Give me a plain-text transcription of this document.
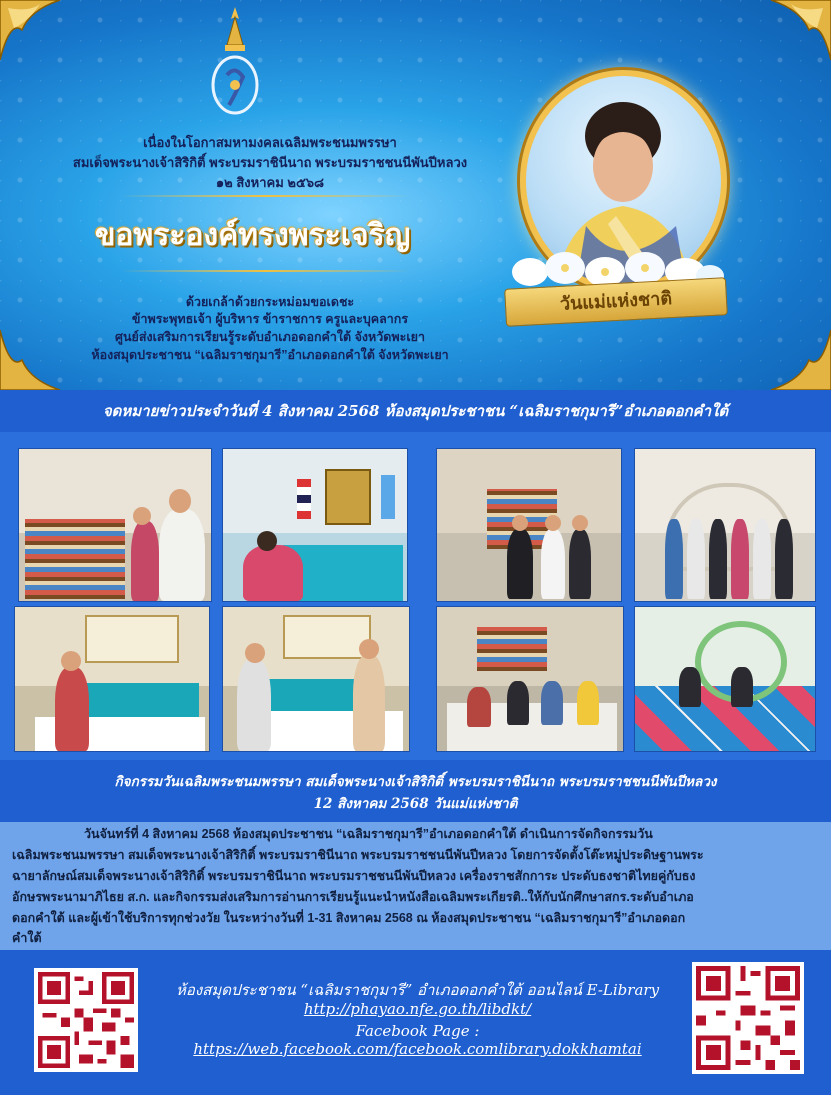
เนื่องในโอกาสมหามงคลเฉลิมพระชนมพรรษา
สมเด็จพระนางเจ้าสิริกิติ์ พระบรมราชินีนาถ พระบรมราชชนนีพันปีหลวง
๑๒ สิงหาคม ๒๕๖๘
ขอพระองค์ทรงพระเจริญ
ด้วยเกล้าด้วยกระหม่อมขอเดชะ
ข้าพระพุทธเจ้า ผู้บริหาร ข้าราชการ ครูและบุคลากร
ศูนย์ส่งเสริมการเรียนรู้ระดับอำเภอดอกคำใต้ จังหวัดพะเยา
ห้องสมุดประชาชน “เฉลิมราชกุมารี”อำเภอดอกคำใต้ จังหวัดพะเยา
วันแม่แห่งชาติ
จดหมายข่าวประจำวันที่ 4 สิงหาคม 2568 ห้องสมุดประชาชน “เฉลิมราชกุมารี”อำเภอดอกคำใต้
กิจกรรมวันเฉลิมพระชนมพรรษา สมเด็จพระนางเจ้าสิริกิติ์ พระบรมราชินีนาถ พระบรมราชชนนีพันปีหลวง
12 สิงหาคม 2568 วันแม่แห่งชาติ

วันจันทร์ที่ 4 สิงหาคม 2568 ห้องสมุดประชาชน “เฉลิมราชกุมารี”อำเภอดอกคำใต้ ดำเนินการจัดกิจกรรมวัน

เฉลิมพระชนมพรรษา สมเด็จพระนางเจ้าสิริกิติ์ พระบรมราชินีนาถ พระบรมราชชนนีพันปีหลวง โดยการจัดตั้งโต๊ะหมู่ประดิษฐานพระ

ฉายาลักษณ์สมเด็จพระนางเจ้าสิริกิติ์ พระบรมราชินีนาถ พระบรมราชชนนีพันปีหลวง เครื่องราชสักการะ ประดับธงชาติไทยคู่กับธง

อักษรพระนามาภิไธย ส.ก. และกิจกรรมส่งเสริมการอ่านการเรียนรู้แนะนำหนังสือเฉลิมพระเกียรติ..ให้กับนักศึกษาสกร.ระดับอำเภอ

ดอกคำใต้ และผู้เข้าใช้บริการทุกช่วงวัย ในระหว่างวันที่ 1-31 สิงหาคม 2568 ณ ห้องสมุดประชาชน “เฉลิมราชกุมารี”อำเภอดอก

คำใต้

ห้องสมุดประชาชน “เฉลิมราชกุมารี” อำเภอดอกคำใต้ ออนไลน์ E-Library
http://phayao.nfe.go.th/libdkt/
Facebook Page : https://web.facebook.com/facebook.comlibrary.dokkhamtai
